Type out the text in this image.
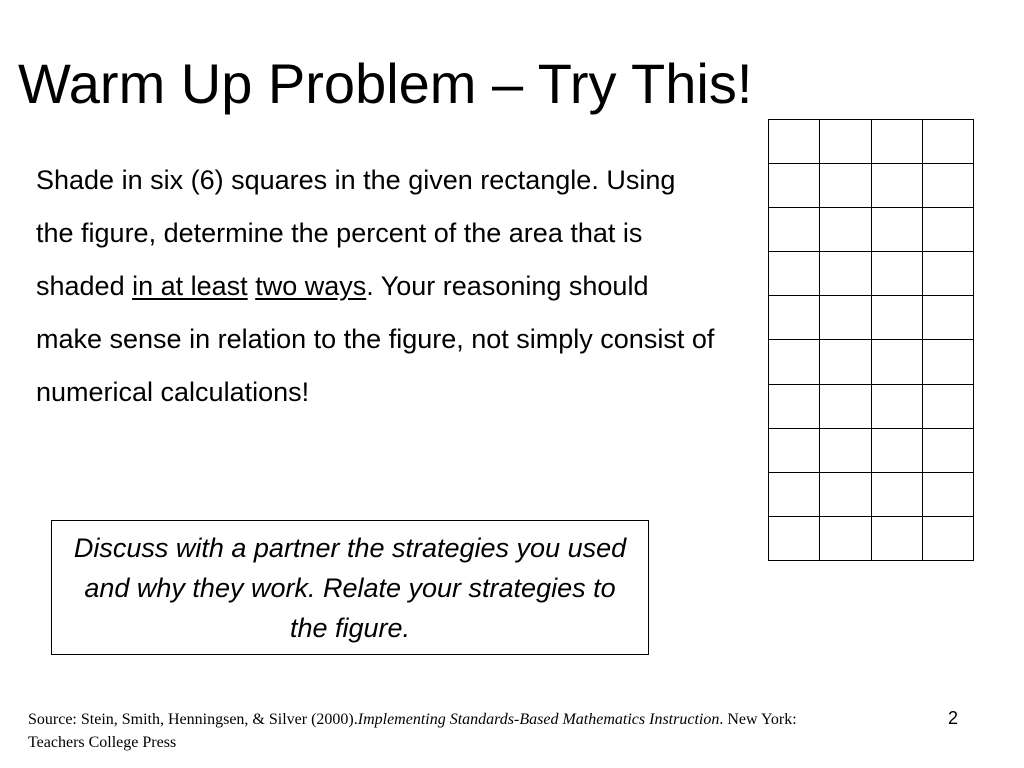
Warm Up Problem – Try This!

Shade in six (6) squares in the given rectangle. Using the figure, determine the percent of the area that is shaded in at least two ways. Your reasoning should make sense in relation to the figure, not simply consist of numerical calculations!

Discuss with a partner the strategies you used and why they work. Relate your strategies to the figure.

Source: Stein, Smith, Henningsen, & Silver (2000).Implementing Standards-Based Mathematics Instruction. New York: Teachers College Press

2
